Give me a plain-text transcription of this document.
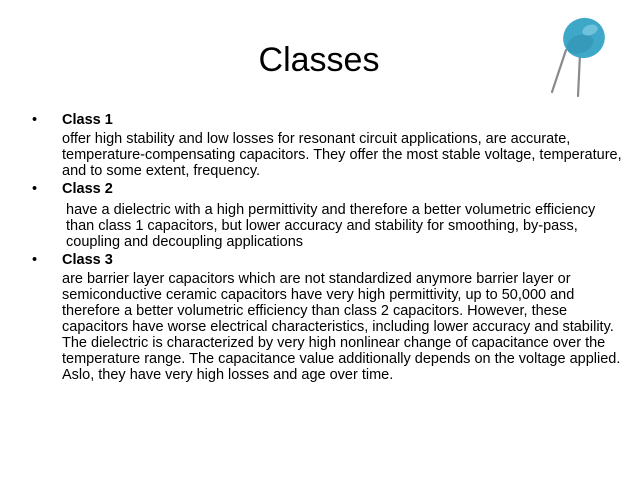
Classes
• Class 1
offer high stability and low losses for resonant circuit applications, are accurate, temperature-compensating capacitors. They offer the most stable voltage, temperature, and to some extent, frequency.
• Class 2
have a dielectric with a high permittivity and therefore a better volumetric efficiency than class 1 capacitors, but lower accuracy and stability for smoothing, by-pass, coupling and decoupling applications
• Class 3
are barrier layer capacitors which are not standardized anymore barrier layer or semiconductive ceramic capacitors have very high permittivity, up to 50,000 and therefore a better volumetric efficiency than class 2 capacitors. However, these capacitors have worse electrical characteristics, including lower accuracy and stability. The dielectric is characterized by very high nonlinear change of capacitance over the temperature range. The capacitance value additionally depends on the voltage applied. Aslo, they have very high losses and age over time.
